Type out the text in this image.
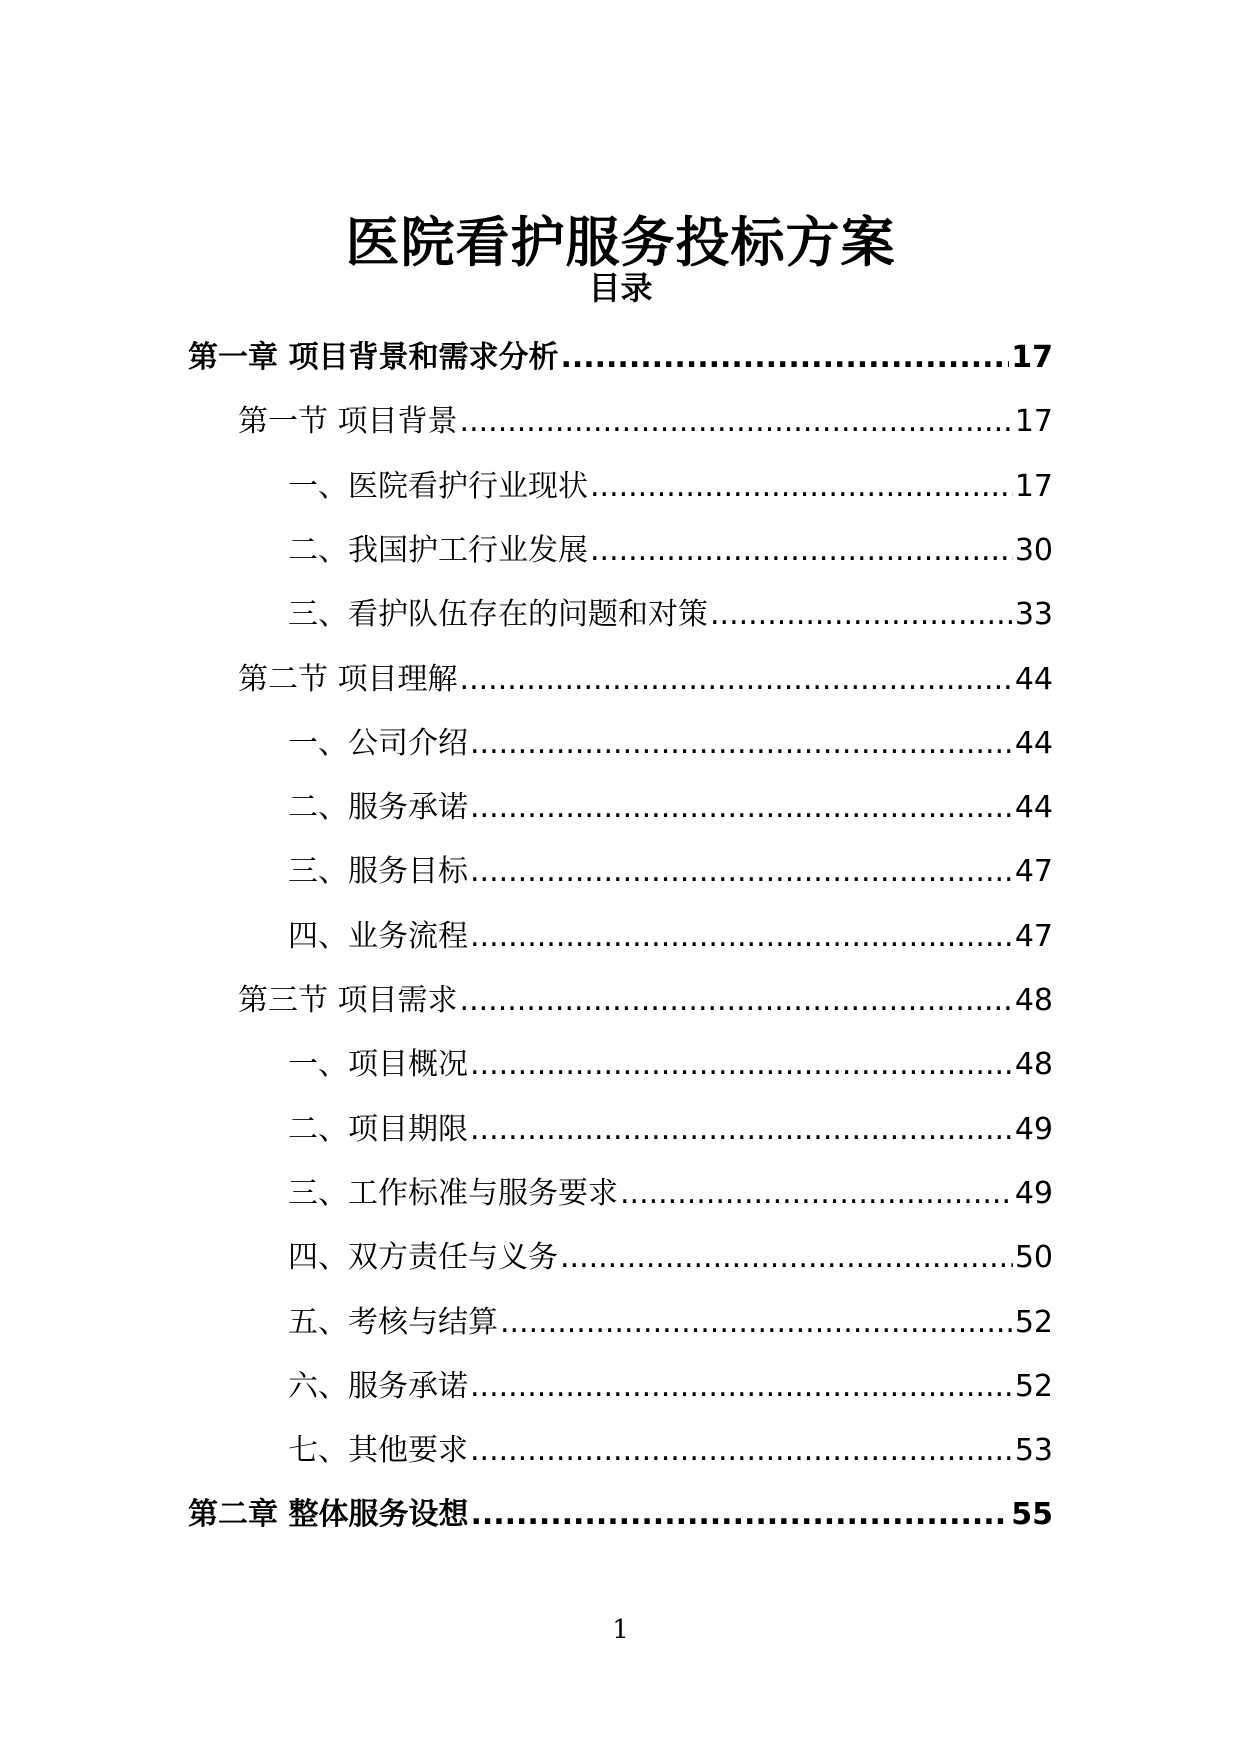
医院看护服务投标方案
目录
第一章 项目背景和需求分析 .....	17
第一节 项目背景 .....	17
一、医院看护行业现状 .....	17
二、我国护工行业发展 .....	30
三、看护队伍存在的问题和对策 .....	33
第二节 项目理解 .....	44
一、公司介绍 .....	44
二、服务承诺 .....	44
三、服务目标 .....	47
四、业务流程 .....	47
第三节 项目需求 .....	48
一、项目概况 .....	48
二、项目期限 .....	49
三、工作标准与服务要求 .....	49
四、双方责任与义务 .....	50
五、考核与结算 .....	52
六、服务承诺 .....	52
七、其他要求 .....	53
第二章 整体服务设想 .....	55
1
